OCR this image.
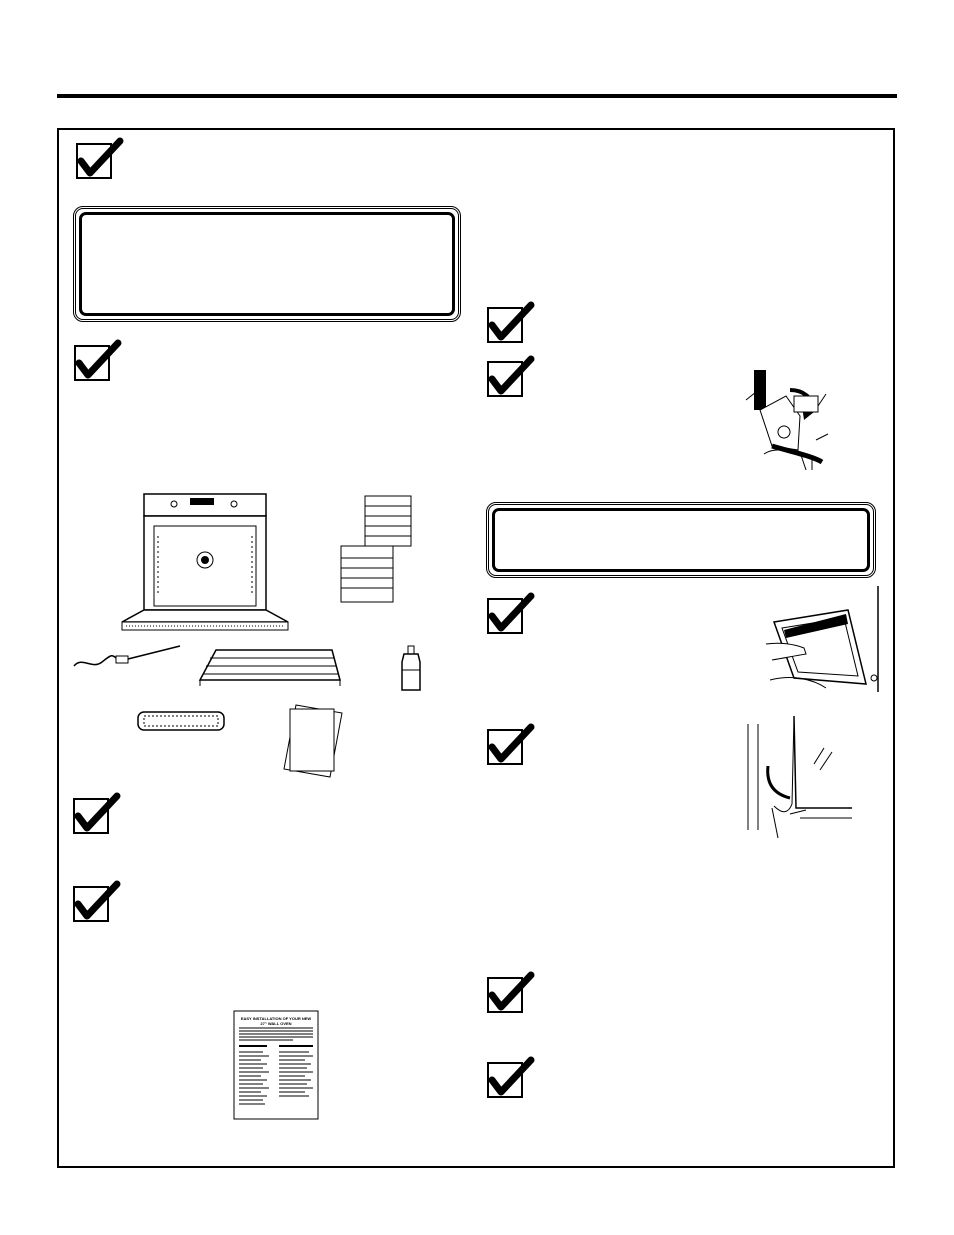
EASY INSTALLATION OF YOUR NEW
27" WALL OVEN
